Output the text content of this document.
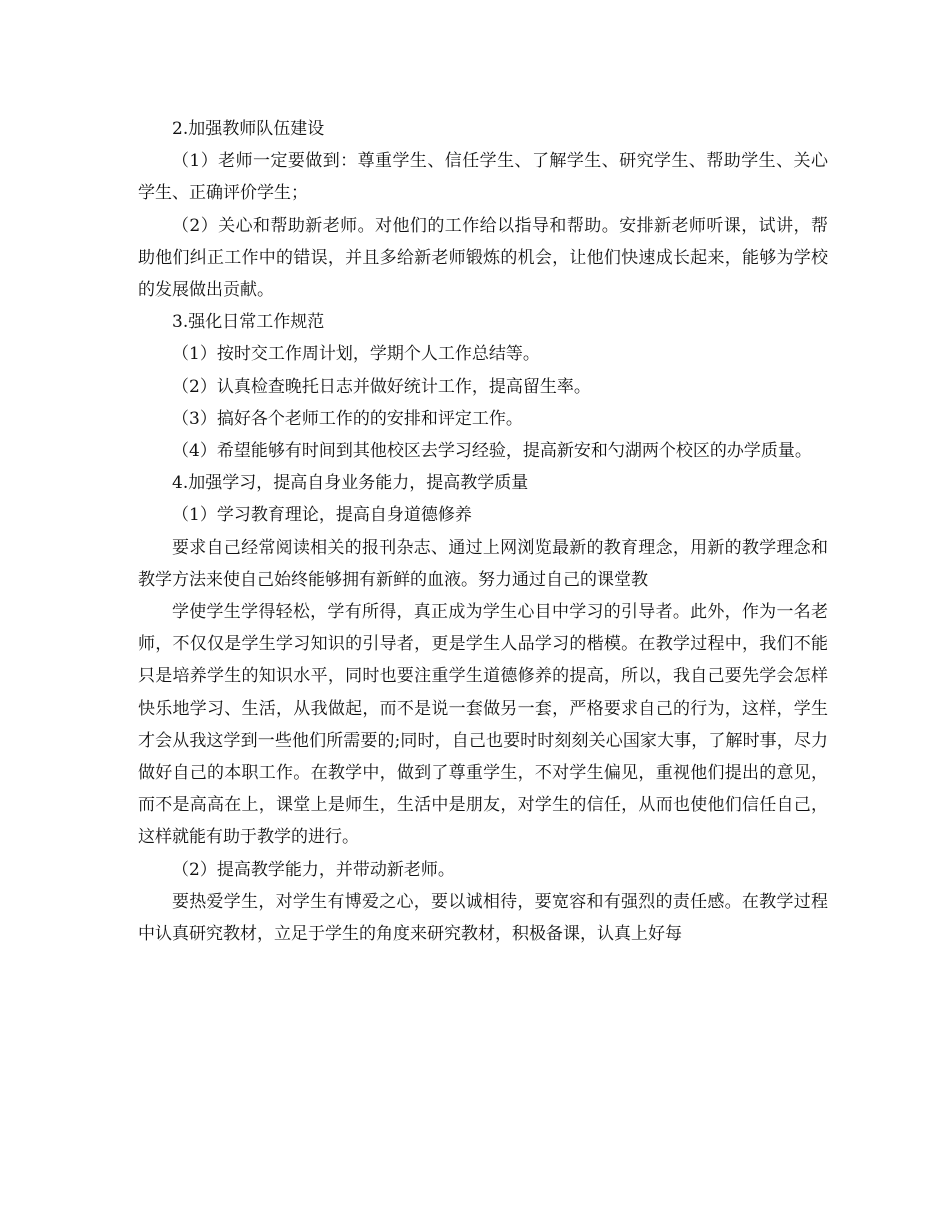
2.加强教师队伍建设

（1）老师一定要做到：尊重学生、信任学生、了解学生、研究学生、帮助学生、关心学生、正确评价学生；

（2）关心和帮助新老师。对他们的工作给以指导和帮助。安排新老师听课，试讲，帮助他们纠正工作中的错误，并且多给新老师锻炼的机会，让他们快速成长起来，能够为学校的发展做出贡献。

3.强化日常工作规范

（1）按时交工作周计划，学期个人工作总结等。

（2）认真检查晚托日志并做好统计工作，提高留生率。

（3）搞好各个老师工作的的安排和评定工作。

（4）希望能够有时间到其他校区去学习经验，提高新安和勺湖两个校区的办学质量。

4.加强学习，提高自身业务能力，提高教学质量

（1）学习教育理论，提高自身道德修养

要求自己经常阅读相关的报刊杂志、通过上网浏览最新的教育理念，用新的教学理念和教学方法来使自己始终能够拥有新鲜的血液。努力通过自己的课堂教

学使学生学得轻松，学有所得，真正成为学生心目中学习的引导者。此外，作为一名老师，不仅仅是学生学习知识的引导者，更是学生人品学习的楷模。在教学过程中，我们不能只是培养学生的知识水平，同时也要注重学生道德修养的提高，所以，我自己要先学会怎样快乐地学习、生活，从我做起，而不是说一套做另一套，严格要求自己的行为，这样，学生才会从我这学到一些他们所需要的;同时，自己也要时时刻刻关心国家大事，了解时事，尽力做好自己的本职工作。在教学中，做到了尊重学生，不对学生偏见，重视他们提出的意见，而不是高高在上，课堂上是师生，生活中是朋友，对学生的信任，从而也使他们信任自己，这样就能有助于教学的进行。

（2）提高教学能力，并带动新老师。

要热爱学生，对学生有博爱之心，要以诚相待，要宽容和有强烈的责任感。在教学过程中认真研究教材，立足于学生的角度来研究教材，积极备课，认真上好每
